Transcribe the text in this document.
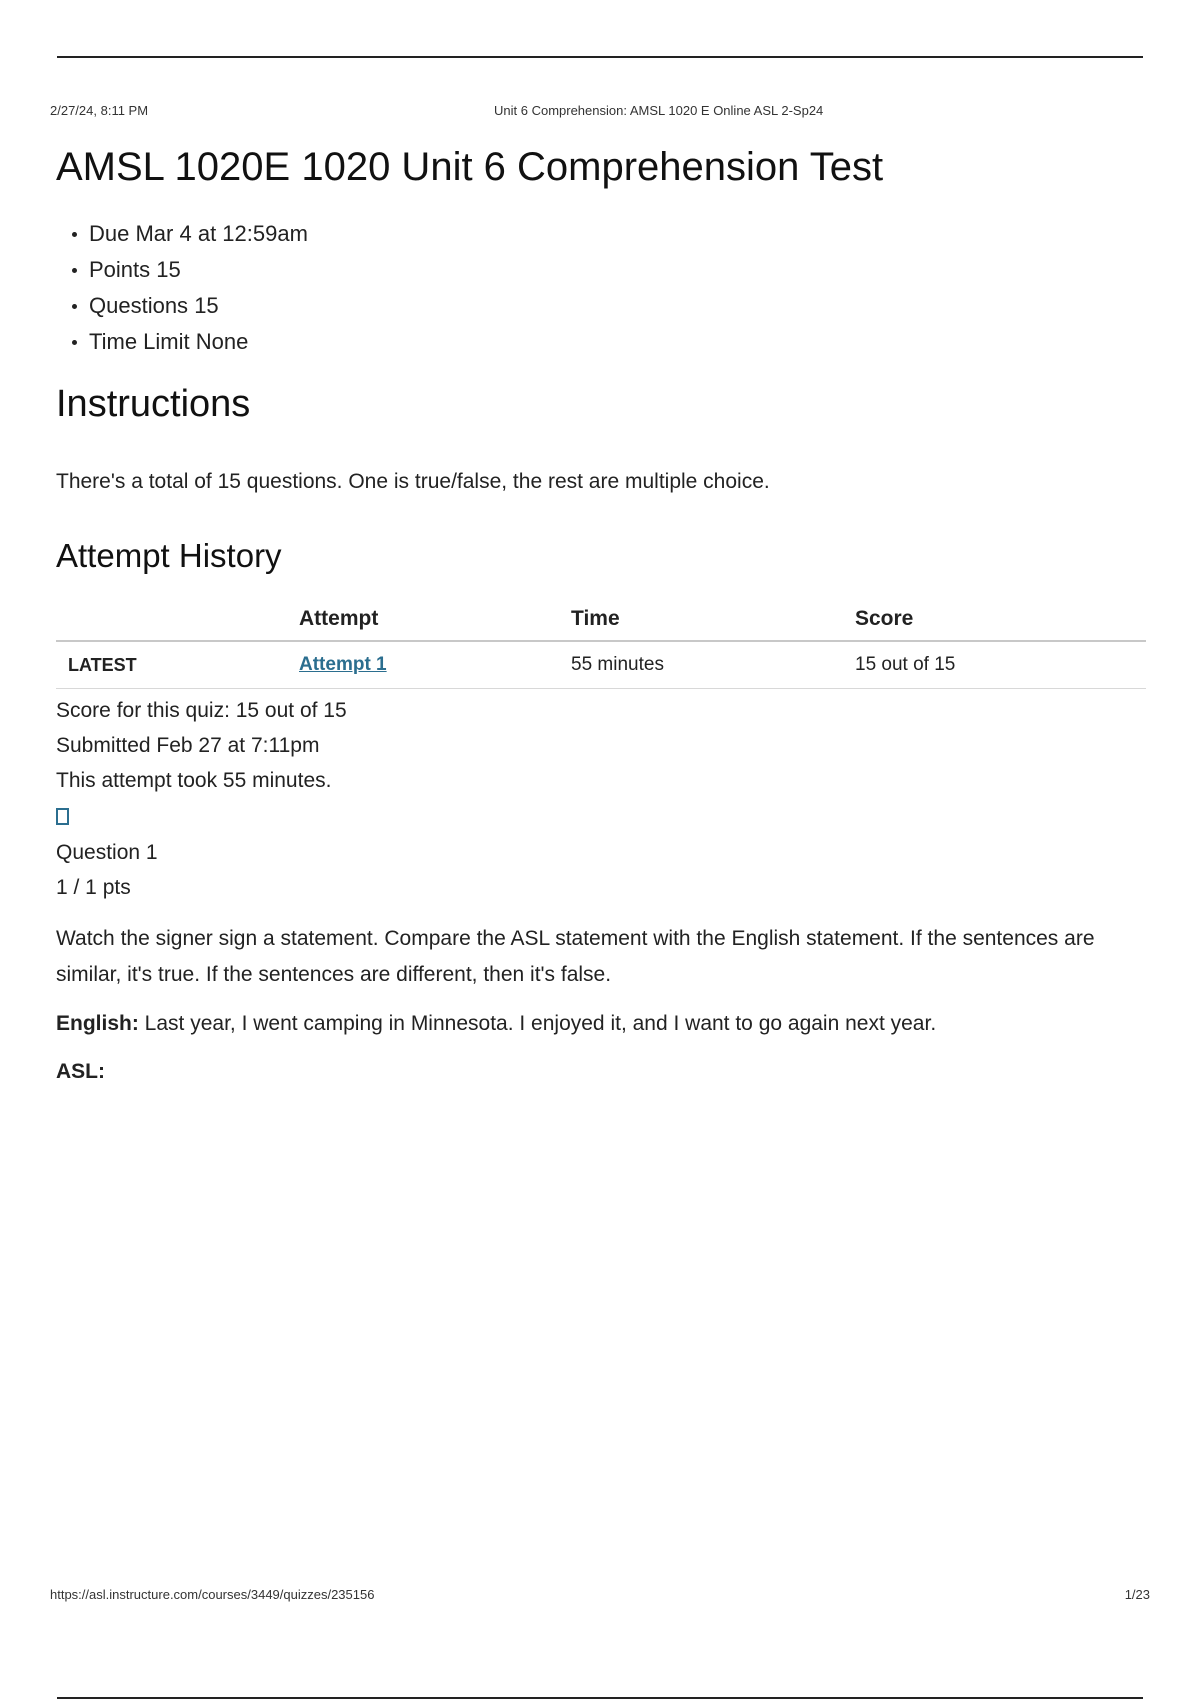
2/27/24, 8:11 PM	Unit 6 Comprehension: AMSL 1020 E Online ASL 2-Sp24
AMSL 1020E 1020 Unit 6 Comprehension Test
Due Mar 4 at 12:59am
Points 15
Questions 15
Time Limit None
Instructions

There's a total of 15 questions. One is true/false, the rest are multiple choice.

Attempt History
	Attempt	Time	Score
LATEST	Attempt 1	55 minutes	15 out of 15
Score for this quiz: 15 out of 15
Submitted Feb 27 at 7:11pm
This attempt took 55 minutes.
Question 1
1 / 1 pts

Watch the signer sign a statement. Compare the ASL statement with the English statement. If the sentences are similar, it's true. If the sentences are different, then it's false.

English: Last year, I went camping in Minnesota. I enjoyed it, and I want to go again next year.

ASL:

https://asl.instructure.com/courses/3449/quizzes/235156	1/23
